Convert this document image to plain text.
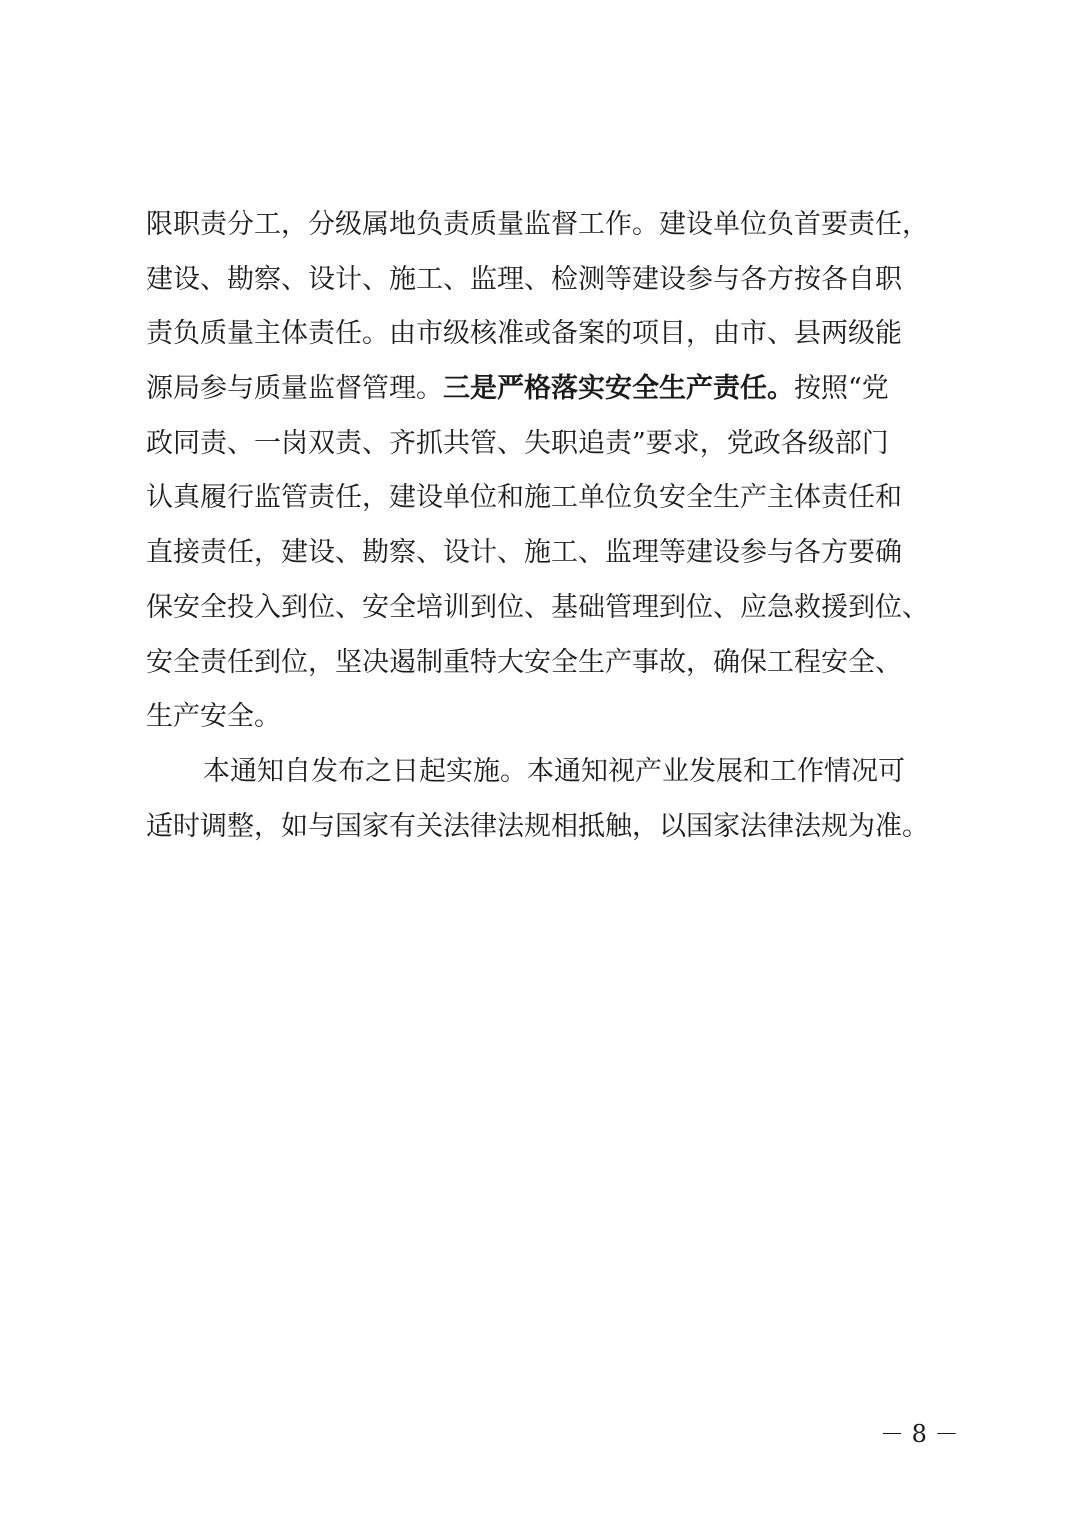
限职责分工，分级属地负责质量监督工作。建设单位负首要责任，
建设、勘察、设计、施工、监理、检测等建设参与各方按各自职
责负质量主体责任。由市级核准或备案的项目，由市、县两级能
源局参与质量监督管理。三是严格落实安全生产责任。按照“党
政同责、一岗双责、齐抓共管、失职追责”要求，党政各级部门
认真履行监管责任，建设单位和施工单位负安全生产主体责任和
直接责任，建设、勘察、设计、施工、监理等建设参与各方要确
保安全投入到位、安全培训到位、基础管理到位、应急救援到位、
安全责任到位，坚决遏制重特大安全生产事故，确保工程安全、
生产安全。
本通知自发布之日起实施。本通知视产业发展和工作情况可
适时调整，如与国家有关法律法规相抵触，以国家法律法规为准。
－ 8 －
